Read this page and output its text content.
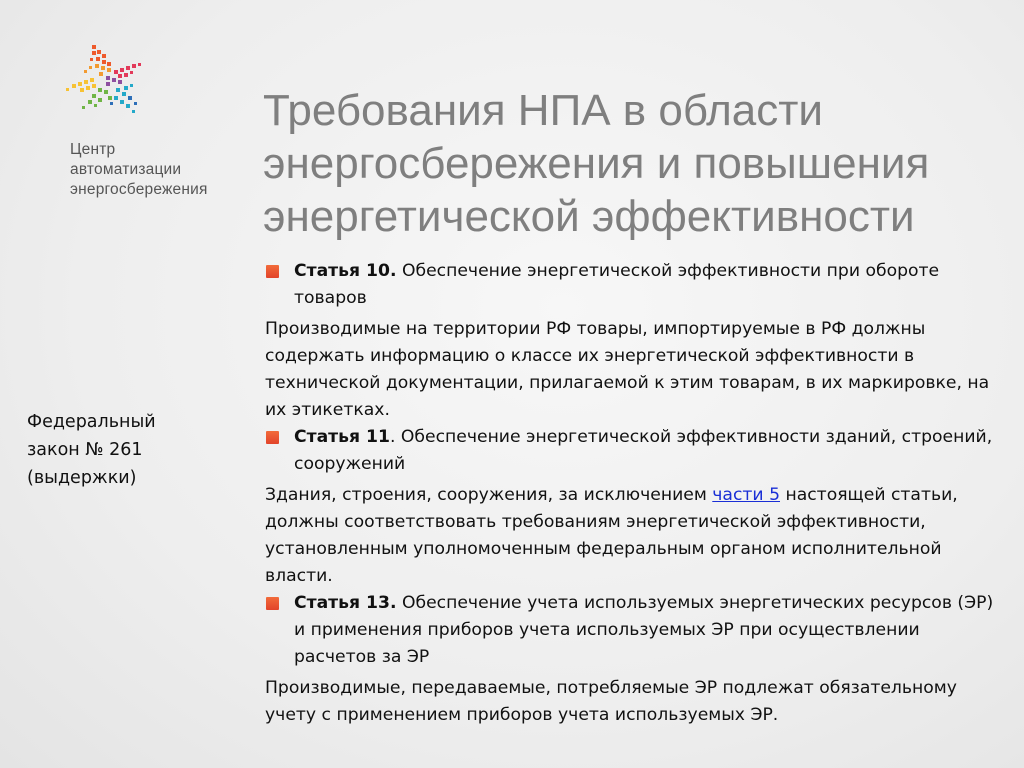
Центр
автоматизации
энергосбережения
Требования НПА в области
энергосбережения и повышения
энергетической эффективности
Федеральный
закон № 261
(выдержки)
Статья 10. Обеспечение энергетической эффективности при обороте
товаров
Производимые на территории РФ товары, импортируемые в РФ должны
содержать информацию о классе их энергетической эффективности в
технической документации, прилагаемой к этим товарам, в их маркировке, на
их этикетках.
Статья 11. Обеспечение энергетической эффективности зданий, строений,
сооружений
Здания, строения, сооружения, за исключением части 5 настоящей статьи,
должны соответствовать требованиям энергетической эффективности,
установленным уполномоченным федеральным органом исполнительной
власти.
Статья 13. Обеспечение учета используемых энергетических ресурсов (ЭР)
и применения приборов учета используемых ЭР при осуществлении
расчетов за ЭР
Производимые, передаваемые, потребляемые ЭР подлежат обязательному
учету с применением приборов учета используемых ЭР.
